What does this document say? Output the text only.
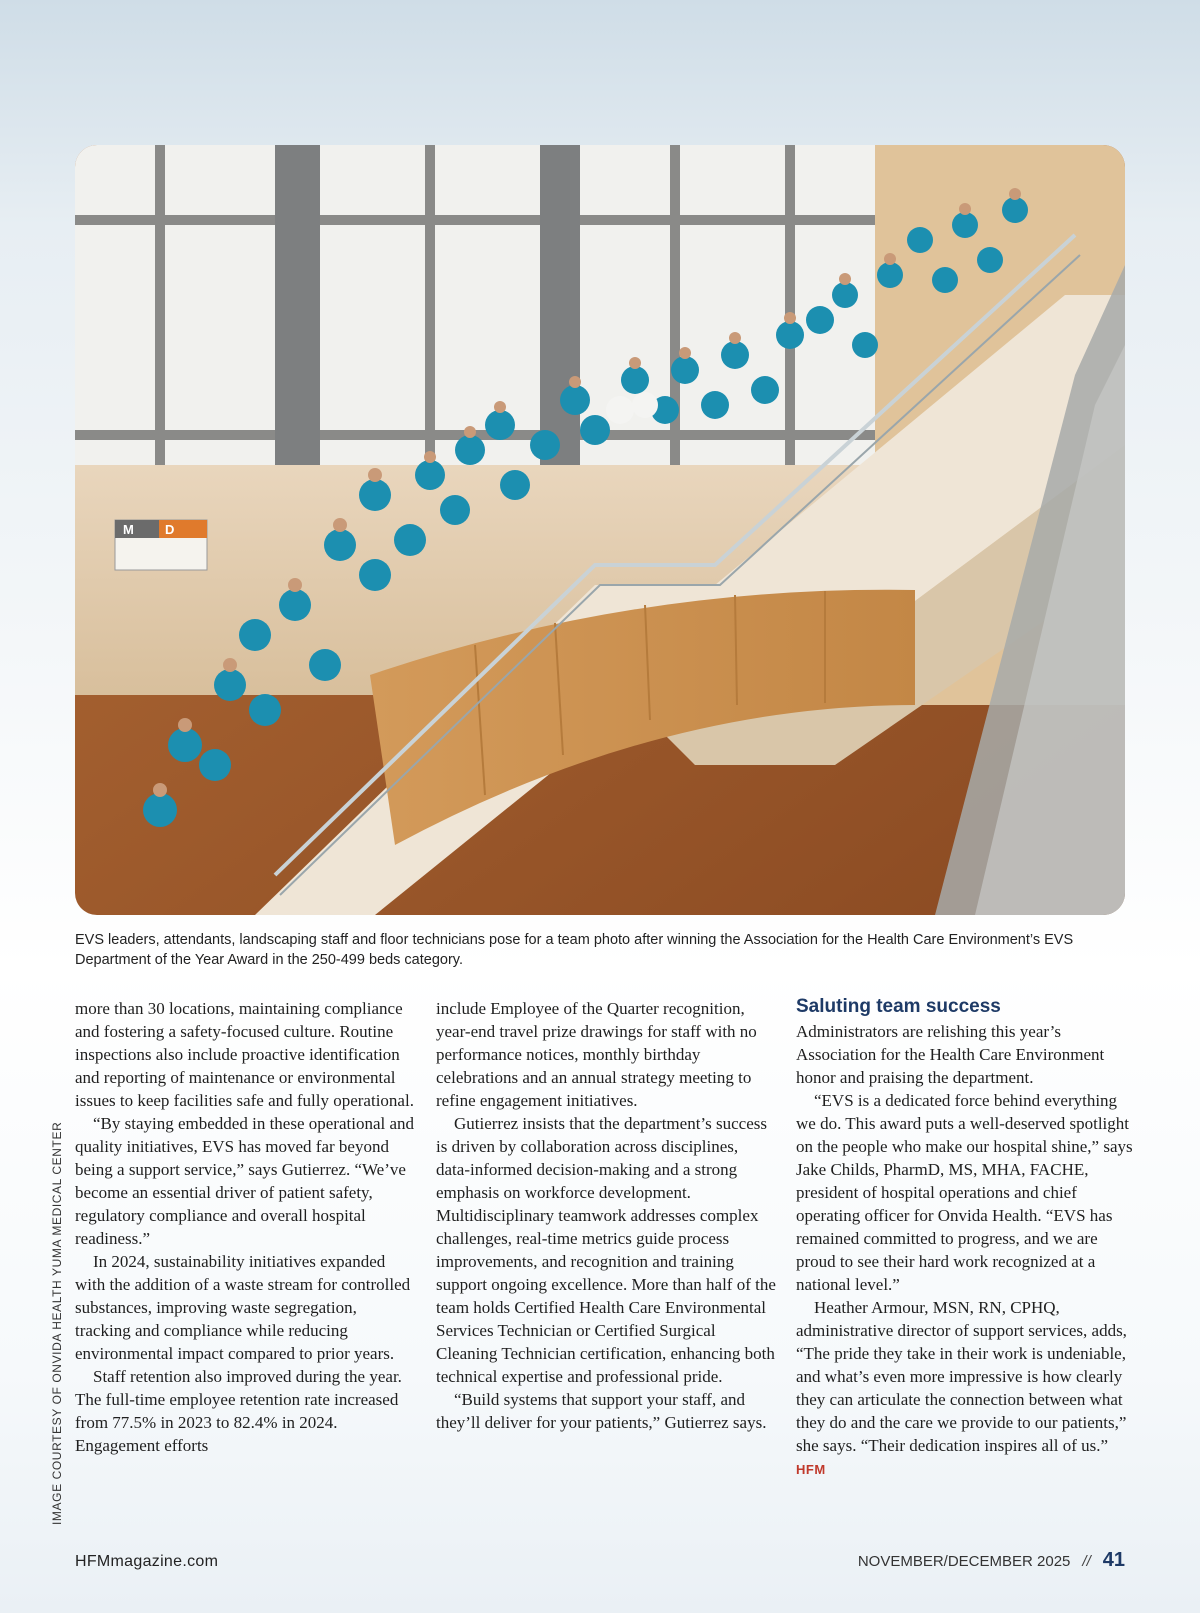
M D
EVS leaders, attendants, landscaping staff and floor technicians pose for a team photo after winning the Association for the Health Care Environment’s EVS Department of the Year Award in the 250-499 beds category.
IMAGE COURTESY OF ONVIDA HEALTH YUMA MEDICAL CENTER

more than 30 locations, maintaining compliance and fostering a safety-focused culture. Routine inspections also include proactive identification and reporting of maintenance or environmental issues to keep facilities safe and fully operational.

“By staying embedded in these operational and quality initiatives, EVS has moved far beyond being a support service,” says Gutierrez. “We’ve become an essential driver of patient safety, regulatory compliance and overall hospital readiness.”

In 2024, sustainability initiatives expanded with the addition of a waste stream for controlled substances, improving waste segregation, tracking and compliance while reducing environmental impact compared to prior years.

Staff retention also improved during the year. The full-time employee retention rate increased from 77.5% in 2023 to 82.4% in 2024. Engagement efforts

include Employee of the Quarter recognition, year-end travel prize drawings for staff with no performance notices, monthly birthday celebrations and an annual strategy meeting to refine engagement initiatives.

Gutierrez insists that the department’s success is driven by collaboration across disciplines, data-informed decision-making and a strong emphasis on workforce development. Multidisciplinary teamwork addresses complex challenges, real-time metrics guide process improvements, and recognition and training support ongoing excellence. More than half of the team holds Certified Health Care Environmental Services Technician or Certified Surgical Cleaning Technician certification, enhancing both technical expertise and professional pride.

“Build systems that support your staff, and they’ll deliver for your patients,” Gutierrez says.

Saluting team success

Administrators are relishing this year’s Association for the Health Care Environment honor and praising the department.

“EVS is a dedicated force behind everything we do. This award puts a well-deserved spotlight on the people who make our hospital shine,” says Jake Childs, PharmD, MS, MHA, FACHE, president of hospital operations and chief operating officer for Onvida Health. “EVS has remained committed to progress, and we are proud to see their hard work recognized at a national level.”

Heather Armour, MSN, RN, CPHQ, administrative director of support services, adds, “The pride they take in their work is undeniable, and what’s even more impressive is how clearly they can articulate the connection between what they do and the care we provide to our patients,” she says. “Their dedication inspires all of us.” HFM

HFMmagazine.com	NOVEMBER/DECEMBER 2025 // 41
